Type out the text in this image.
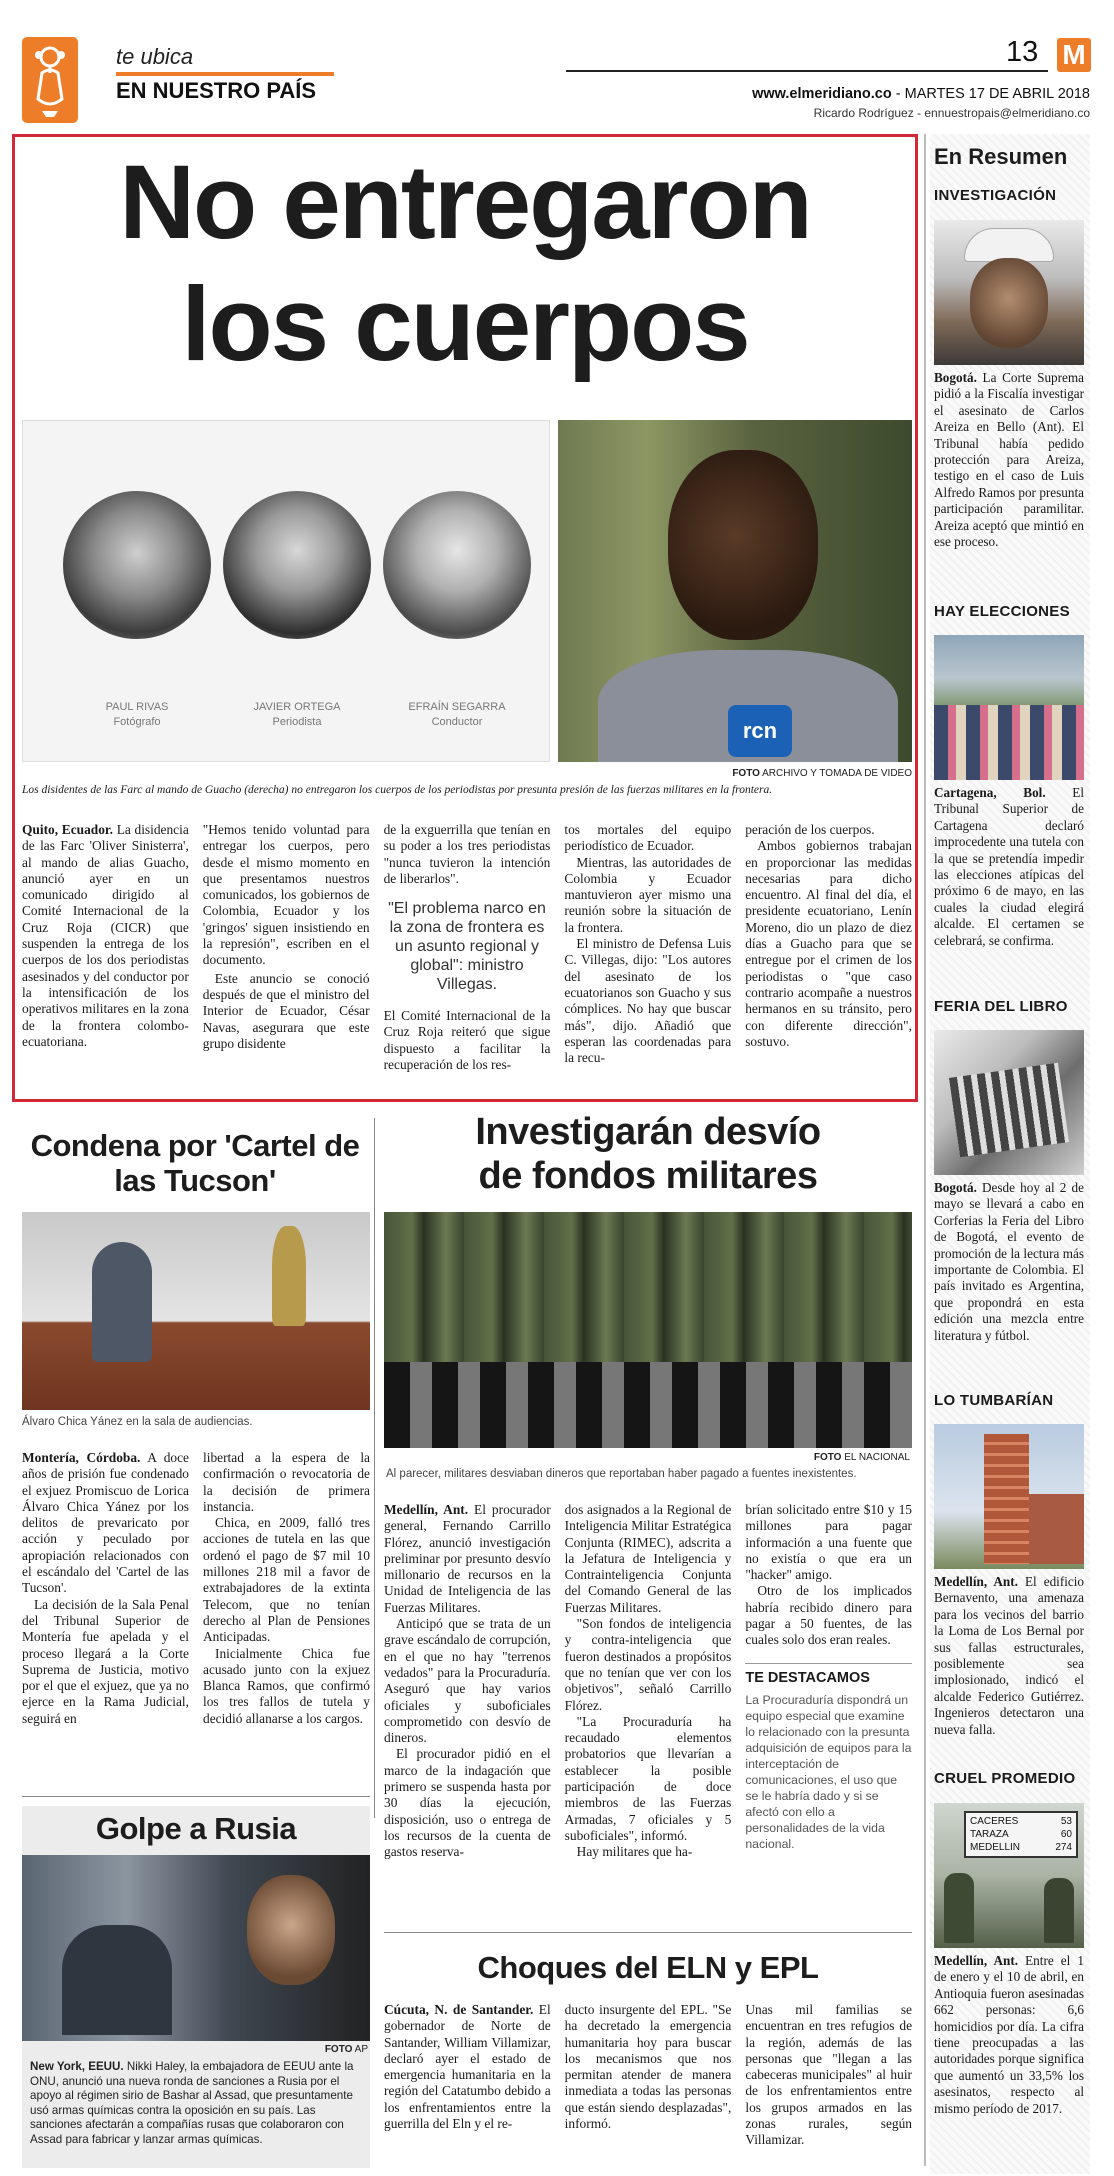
te ubica
EN NUESTRO PAÍS
13 M
www.elmeridiano.co - MARTES 17 DE ABRIL 2018
Ricardo Rodríguez - ennuestropais@elmeridiano.co
No entregaron
los cuerpos
PAUL RIVAS
Fotógrafo
JAVIER ORTEGA
Periodista
EFRAÍN SEGARRA
Conductor	rcn
FOTO ARCHIVO Y TOMADA DE VIDEO
Los disidentes de las Farc al mando de Guacho (derecha) no entregaron los cuerpos de los periodistas por presunta presión de las fuerzas militares en la frontera.

Quito, Ecuador. La disidencia de las Farc 'Oliver Sinisterra', al mando de alias Guacho, anunció ayer en un comunicado dirigido al Comité Internacional de la Cruz Roja (CICR) que suspenden la entrega de los cuerpos de los dos periodistas asesinados y del conductor por la intensificación de los operativos militares en la zona de la frontera colombo-ecuatoriana.

"Hemos tenido voluntad para entregar los cuerpos, pero desde el mismo momento en que presentamos nuestros comunicados, los gobiernos de Colombia, Ecuador y los 'gringos' siguen insistiendo en la represión", escriben en el documento.

Este anuncio se conoció después de que el ministro del Interior de Ecuador, César Navas, asegurara que este grupo disidente

de la exguerrilla que tenían en su poder a los tres periodistas "nunca tuvieron la intención de liberarlos".

"El problema narco en la zona de frontera es un asunto regional y global": ministro Villegas.

El Comité Internacional de la Cruz Roja reiteró que sigue dispuesto a facilitar la recuperación de los res-

tos mortales del equipo periodístico de Ecuador.

Mientras, las autoridades de Colombia y Ecuador mantuvieron ayer mismo una reunión sobre la situación de la frontera.

El ministro de Defensa Luis C. Villegas, dijo: "Los autores del asesinato de los ecuatorianos son Guacho y sus cómplices. No hay que buscar más", dijo. Añadió que esperan las coordenadas para la recu-

peración de los cuerpos.

Ambos gobiernos trabajan en proporcionar las medidas necesarias para dicho encuentro. Al final del día, el presidente ecuatoriano, Lenín Moreno, dio un plazo de diez días a Guacho para que se entregue por el crimen de los periodistas o "que caso contrario acompañe a nuestros hermanos en su tránsito, pero con diferente dirección", sostuvo.

Condena por 'Cartel de las Tucson'
Álvaro Chica Yánez en la sala de audiencias.

Montería, Córdoba. A doce años de prisión fue condenado el exjuez Promiscuo de Lorica Álvaro Chica Yánez por los delitos de prevaricato por acción y peculado por apropiación relacionados con el escándalo del 'Cartel de las Tucson'.

La decisión de la Sala Penal del Tribunal Superior de Montería fue apelada y el proceso llegará a la Corte Suprema de Justicia, motivo por el que el exjuez, que ya no ejerce en la Rama Judicial, seguirá en

libertad a la espera de la confirmación o revocatoria de la decisión de primera instancia.

Chica, en 2009, falló tres acciones de tutela en las que ordenó el pago de $7 mil 10 millones 218 mil a favor de extrabajadores de la extinta Telecom, que no tenían derecho al Plan de Pensiones Anticipadas.

Inicialmente Chica fue acusado junto con la exjuez Blanca Ramos, que confirmó los tres fallos de tutela y decidió allanarse a los cargos.

Golpe a Rusia
FOTO AP
New York, EEUU. Nikki Haley, la embajadora de EEUU ante la ONU, anunció una nueva ronda de sanciones a Rusia por el apoyo al régimen sirio de Bashar al Assad, que presuntamente usó armas químicas contra la oposición en su país. Las sanciones afectarán a compañías rusas que colaboraron con Assad para fabricar y lanzar armas químicas.
Investigarán desvío
de fondos militares
FOTO EL NACIONAL
Al parecer, militares desviaban dineros que reportaban haber pagado a fuentes inexistentes.

Medellín, Ant. El procurador general, Fernando Carrillo Flórez, anunció investigación preliminar por presunto desvío millonario de recursos en la Unidad de Inteligencia de las Fuerzas Militares.

Anticipó que se trata de un grave escándalo de corrupción, en el que no hay "terrenos vedados" para la Procuraduría. Aseguró que hay varios oficiales y suboficiales comprometido con desvío de dineros.

El procurador pidió en el marco de la indagación que primero se suspenda hasta por 30 días la ejecución, disposición, uso o entrega de los recursos de la cuenta de gastos reserva-

dos asignados a la Regional de Inteligencia Militar Estratégica Conjunta (RIMEC), adscrita a la Jefatura de Inteligencia y Contrainteligencia Conjunta del Comando General de las Fuerzas Militares.

"Son fondos de inteligencia y contra-inteligencia que fueron destinados a propósitos que no tenían que ver con los objetivos", señaló Carrillo Flórez.

"La Procuraduría ha recaudado elementos probatorios que llevarían a establecer la posible participación de doce miembros de las Fuerzas Armadas, 7 oficiales y 5 suboficiales", informó.

Hay militares que ha-

brían solicitado entre $10 y 15 millones para pagar información a una fuente que no existía o que era un "hacker" amigo.

Otro de los implicados habría recibido dinero para pagar a 50 fuentes, de las cuales solo dos eran reales.

TE DESTACAMOS
La Procuraduría dispondrá un equipo especial que examine lo relacionado con la presunta adquisición de equipos para la interceptación de comunicaciones, el uso que se le habría dado y si se afectó con ello a personalidades de la vida nacional.
Choques del ELN y EPL

Cúcuta, N. de Santander. El gobernador de Norte de Santander, William Villamizar, declaró ayer el estado de emergencia humanitaria en la región del Catatumbo debido a los enfrentamientos entre la guerrilla del Eln y el re-

ducto insurgente del EPL. "Se ha decretado la emergencia humanitaria hoy para buscar los mecanismos que nos permitan atender de manera inmediata a todas las personas que están siendo desplazadas", informó.

Unas mil familias se encuentran en tres refugios de la región, además de las personas que "llegan a las cabeceras municipales" al huir de los enfrentamientos entre los grupos armados en las zonas rurales, según Villamizar.

En Resumen
INVESTIGACIÓN
Bogotá. La Corte Suprema pidió a la Fiscalía investigar el asesinato de Carlos Areiza en Bello (Ant). El Tribunal había pedido protección para Areiza, testigo en el caso de Luis Alfredo Ramos por presunta participación paramilitar. Areiza aceptó que mintió en ese proceso.
HAY ELECCIONES
Cartagena, Bol. El Tribunal Superior de Cartagena declaró improcedente una tutela con la que se pretendía impedir las elecciones atípicas del próximo 6 de mayo, en las cuales la ciudad elegirá alcalde. El certamen se celebrará, se confirma.
FERIA DEL LIBRO
Bogotá. Desde hoy al 2 de mayo se llevará a cabo en Corferias la Feria del Libro de Bogotá, el evento de promoción de la lectura más importante de Colombia. El país invitado es Argentina, que propondrá en esta edición una mezcla entre literatura y fútbol.
LO TUMBARÍAN
Medellín, Ant. El edificio Bernavento, una amenaza para los vecinos del barrio la Loma de Los Bernal por sus fallas estructurales, posiblemente sea implosionado, indicó el alcalde Federico Gutiérrez. Ingenieros detectaron una nueva falla.
CRUEL PROMEDIO
CACERES	53
TARAZA	60
MEDELLIN	274
Medellín, Ant. Entre el 1 de enero y el 10 de abril, en Antioquia fueron asesinadas 662 personas: 6,6 homicidios por día. La cifra tiene preocupadas a las autoridades porque significa que aumentó un 33,5% los asesinatos, respecto al mismo período de 2017.
